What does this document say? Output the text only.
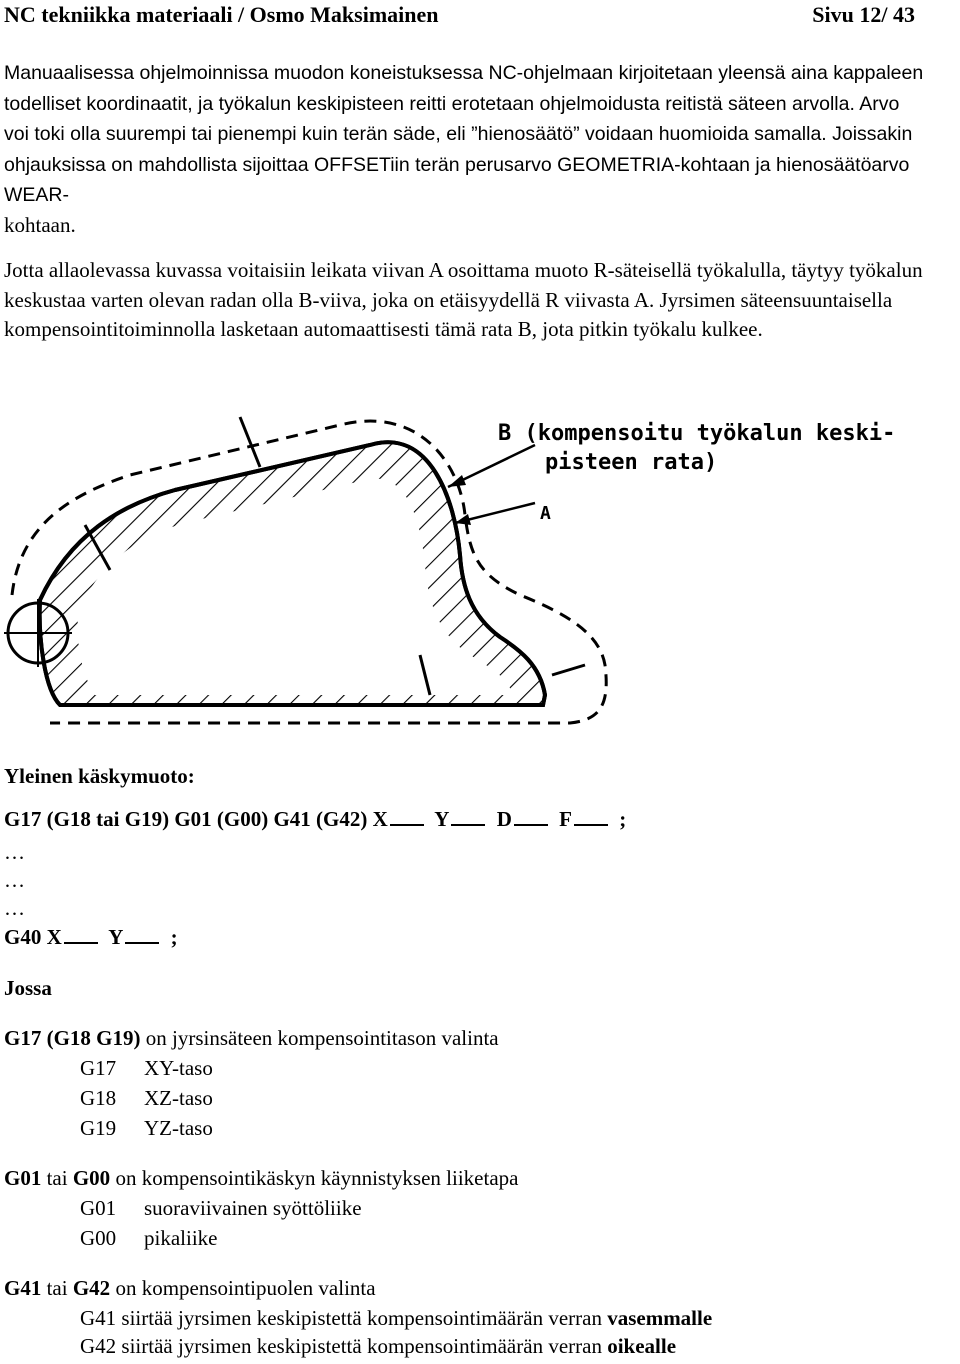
NC tekniikka materiaali / Osmo Maksimainen	Sivu 12/ 43
Manuaalisessa ohjelmoinnissa muodon koneistuksessa NC-ohjelmaan kirjoitetaan yleensä aina kappaleen todelliset koordinaatit, ja työkalun keskipisteen reitti erotetaan ohjelmoidusta reitistä säteen arvolla. Arvo voi toki olla suurempi tai pienempi kuin terän säde, eli ”hienosäätö” voidaan huomioida samalla. Joissakin ohjauksissa on mahdollista sijoittaa OFFSETiin terän perusarvo GEOMETRIA-kohtaan ja hienosäätöarvo WEAR-
kohtaan.
Jotta allaolevassa kuvassa voitaisiin leikata viivan A osoittama muoto R-säteisellä työkalulla, täytyy työkalun keskustaa varten olevan radan olla B-viiva, joka on etäisyydellä R viivasta A. Jyrsimen säteensuuntaisella kompensointitoiminnolla lasketaan automaattisesti tämä rata B, jota pitkin työkalu kulkee.
B (kompensoitu työkalun keski-
pisteen rata)
A
Yleinen käskymuoto:
G17 (G18 tai G19) G01 (G00) G41 (G42) X Y D F ;
…
…
…
G40 X Y ;
Jossa
G17 (G18 G19) on jyrsinsäteen kompensointitason valinta
G17 XY-taso
G18 XZ-taso
G19 YZ-taso
G01 tai G00 on kompensointikäskyn käynnistyksen liiketapa
G01 suoraviivainen syöttöliike
G00 pikaliike
G41 tai G42 on kompensointipuolen valinta
G41 siirtää jyrsimen keskipistettä kompensointimäärän verran vasemmalle
G42 siirtää jyrsimen keskipistettä kompensointimäärän verran oikealle
